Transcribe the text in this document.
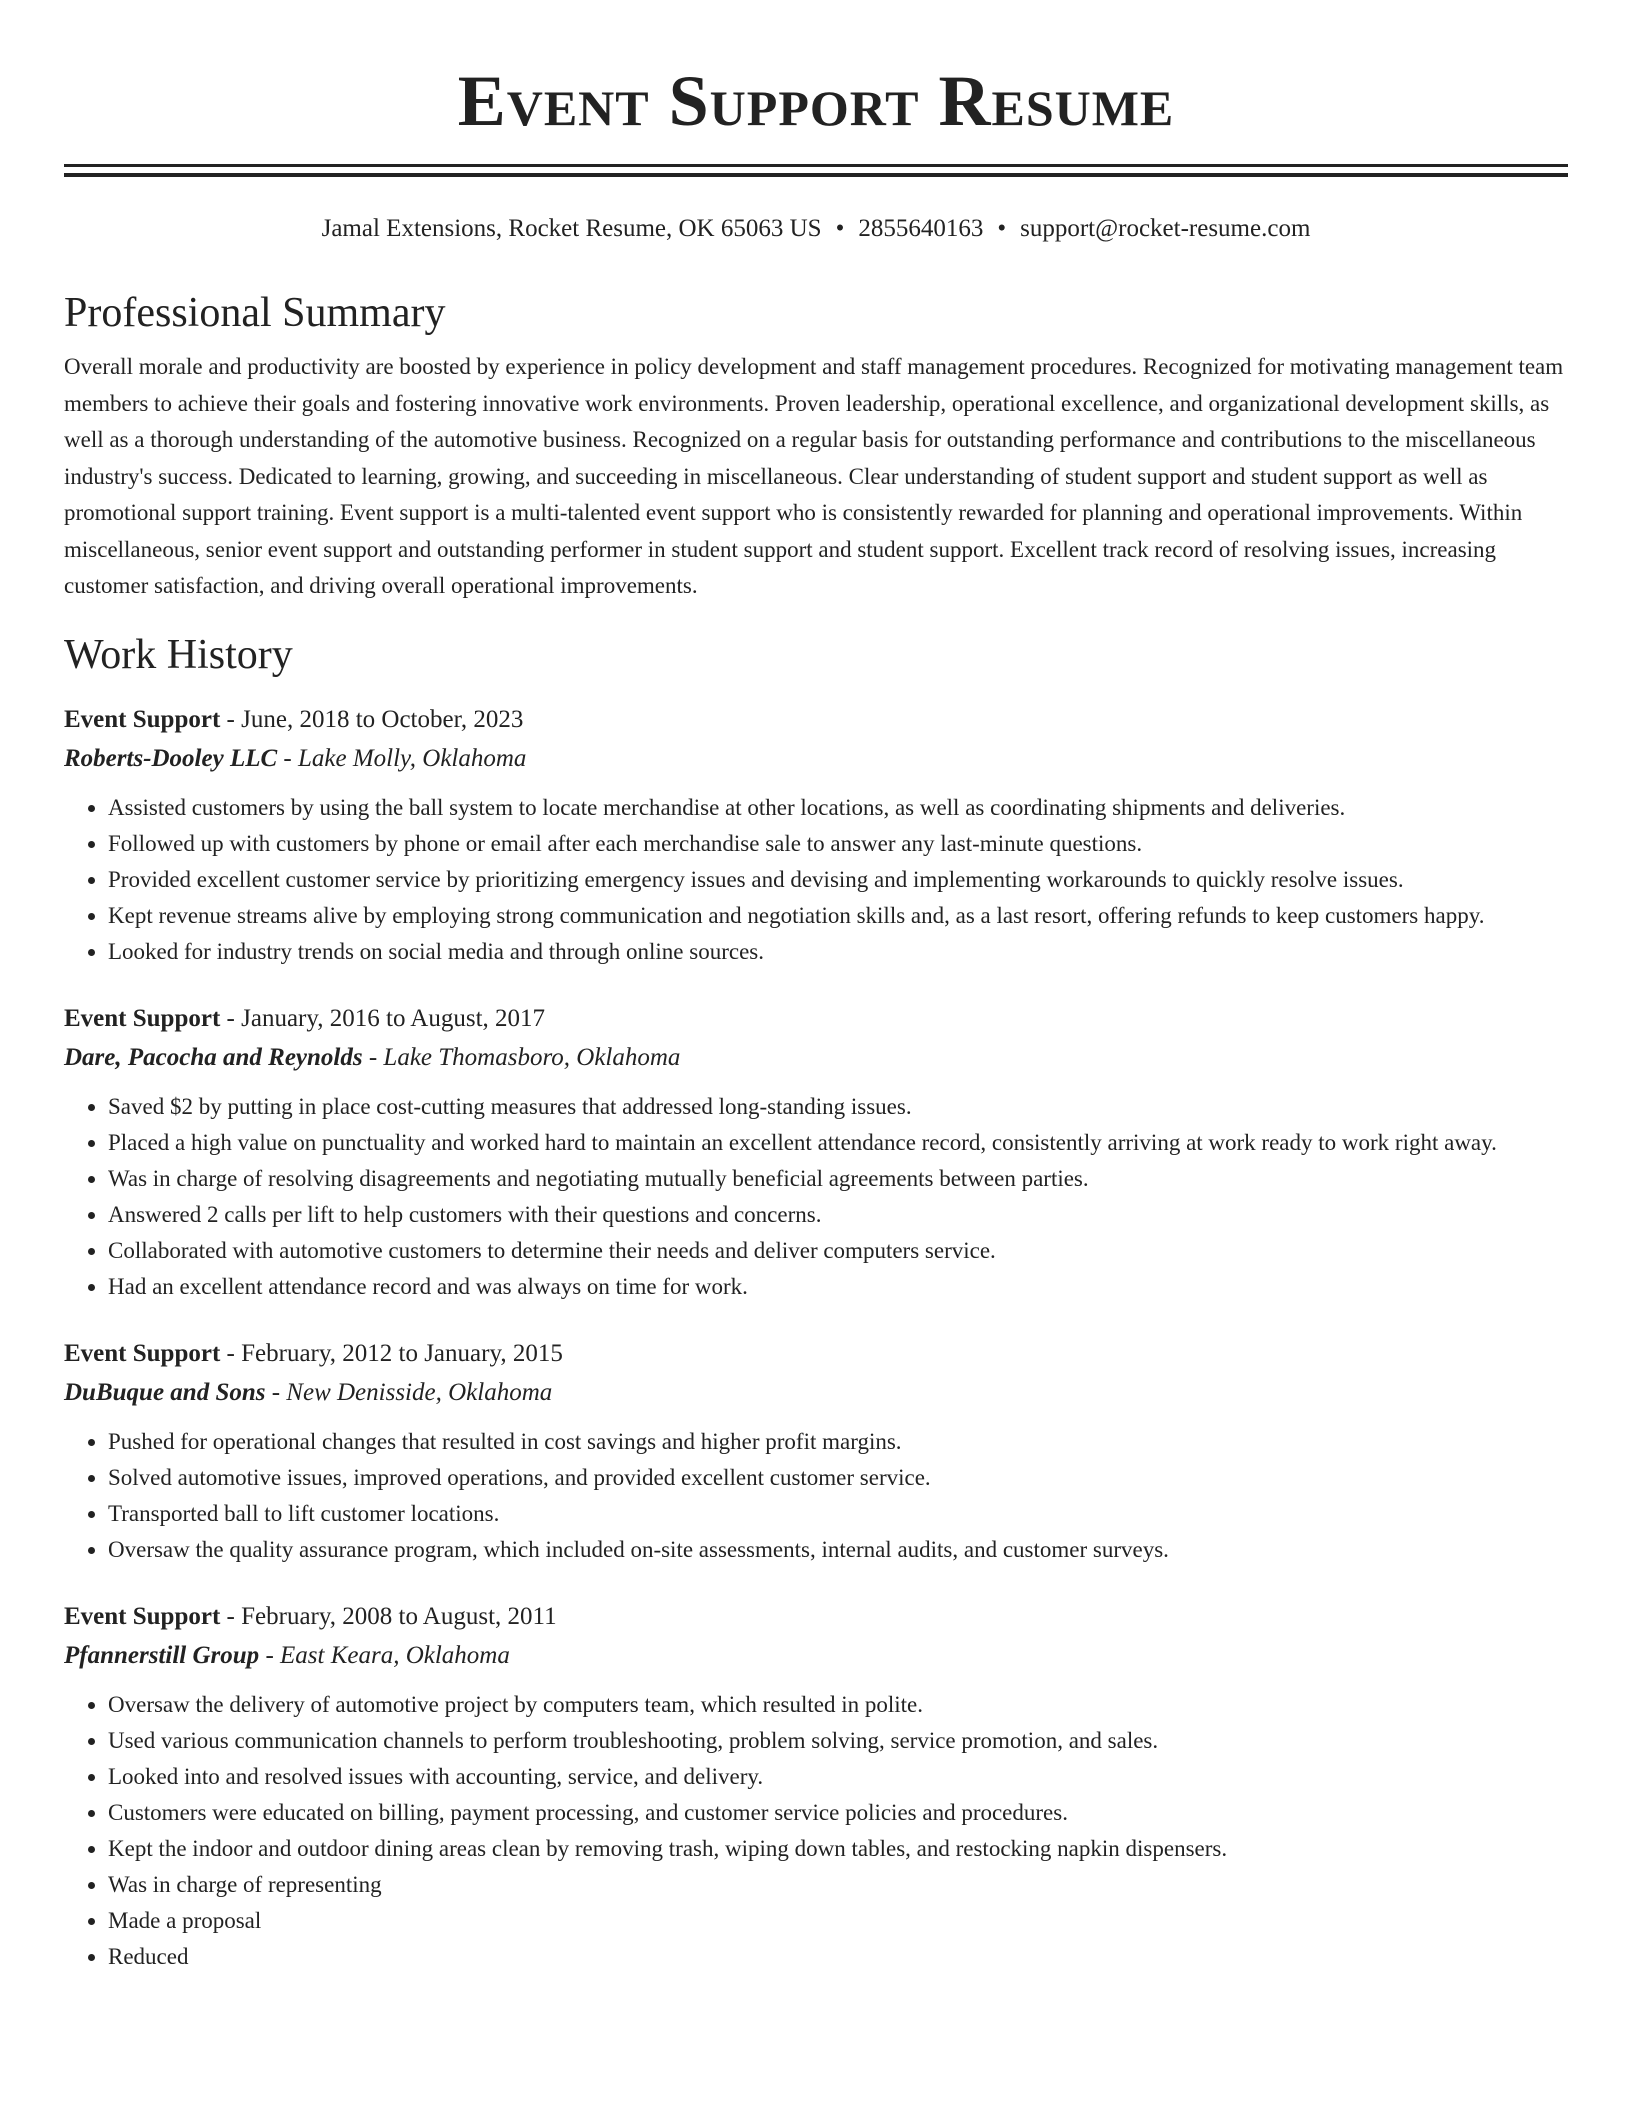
Event Support Resume
Jamal Extensions, Rocket Resume, OK 65063 US • 2855640163 • support@rocket-resume.com
Professional Summary

Overall morale and productivity are boosted by experience in policy development and staff management procedures. Recognized for motivating management team members to achieve their goals and fostering innovative work environments. Proven leadership, operational excellence, and organizational development skills, as well as a thorough understanding of the automotive business. Recognized on a regular basis for outstanding performance and contributions to the miscellaneous industry's success. Dedicated to learning, growing, and succeeding in miscellaneous. Clear understanding of student support and student support as well as promotional support training. Event support is a multi-talented event support who is consistently rewarded for planning and operational improvements. Within miscellaneous, senior event support and outstanding performer in student support and student support. Excellent track record of resolving issues, increasing customer satisfaction, and driving overall operational improvements.

Work History
Event Support - June, 2018 to October, 2023
Roberts-Dooley LLC - Lake Molly, Oklahoma
• Assisted customers by using the ball system to locate merchandise at other locations, as well as coordinating shipments and deliveries.
• Followed up with customers by phone or email after each merchandise sale to answer any last-minute questions.
• Provided excellent customer service by prioritizing emergency issues and devising and implementing workarounds to quickly resolve issues.
• Kept revenue streams alive by employing strong communication and negotiation skills and, as a last resort, offering refunds to keep customers happy.
• Looked for industry trends on social media and through online sources.
Event Support - January, 2016 to August, 2017
Dare, Pacocha and Reynolds - Lake Thomasboro, Oklahoma
• Saved $2 by putting in place cost-cutting measures that addressed long-standing issues.
• Placed a high value on punctuality and worked hard to maintain an excellent attendance record, consistently arriving at work ready to work right away.
• Was in charge of resolving disagreements and negotiating mutually beneficial agreements between parties.
• Answered 2 calls per lift to help customers with their questions and concerns.
• Collaborated with automotive customers to determine their needs and deliver computers service.
• Had an excellent attendance record and was always on time for work.
Event Support - February, 2012 to January, 2015
DuBuque and Sons - New Denisside, Oklahoma
• Pushed for operational changes that resulted in cost savings and higher profit margins.
• Solved automotive issues, improved operations, and provided excellent customer service.
• Transported ball to lift customer locations.
• Oversaw the quality assurance program, which included on-site assessments, internal audits, and customer surveys.
Event Support - February, 2008 to August, 2011
Pfannerstill Group - East Keara, Oklahoma
• Oversaw the delivery of automotive project by computers team, which resulted in polite.
• Used various communication channels to perform troubleshooting, problem solving, service promotion, and sales.
• Looked into and resolved issues with accounting, service, and delivery.
• Customers were educated on billing, payment processing, and customer service policies and procedures.
• Kept the indoor and outdoor dining areas clean by removing trash, wiping down tables, and restocking napkin dispensers.
• Was in charge of representing
• Made a proposal
• Reduced
